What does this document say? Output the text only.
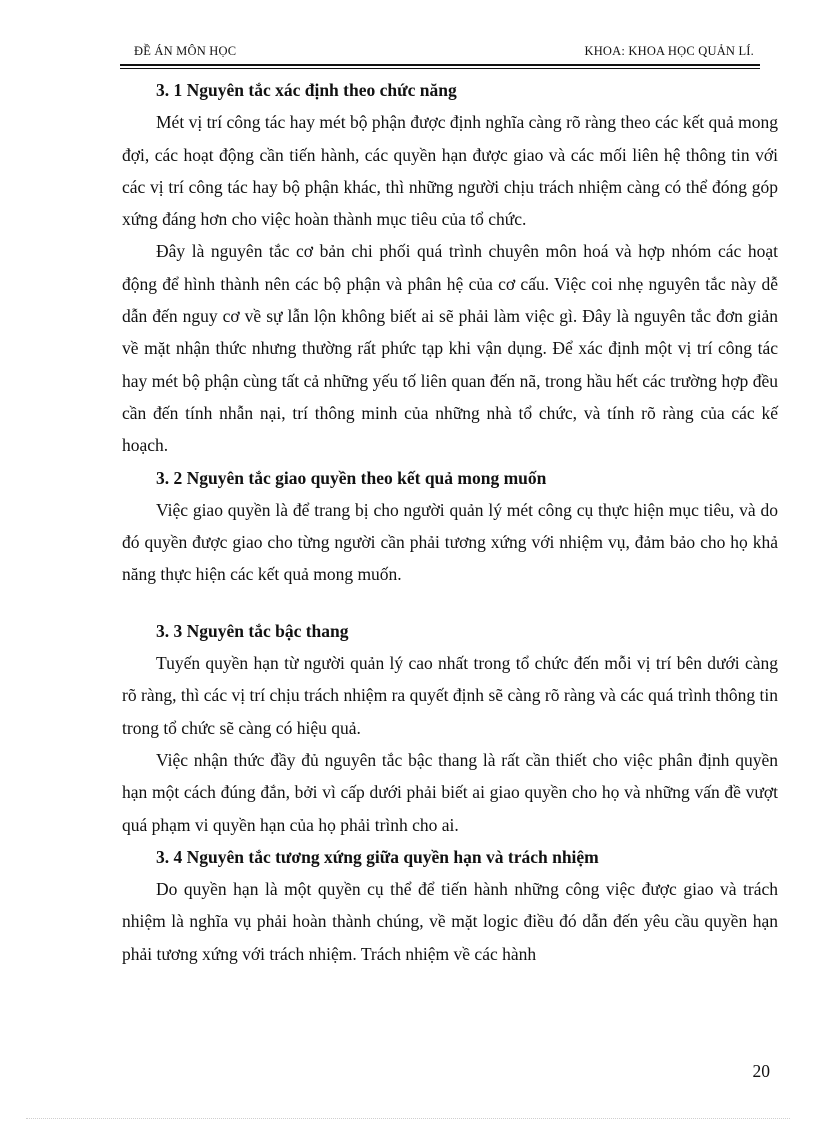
ĐỀ ÁN MÔN HỌC	KHOA: KHOA HỌC QUẢN LÍ.

3. 1 Nguyên tắc xác định theo chức năng

Mét vị trí công tác hay mét bộ phận được định nghĩa càng rõ ràng theo các kết quả mong đợi, các hoạt động cần tiến hành, các quyền hạn được giao và các mối liên hệ thông tin với các vị trí công tác hay bộ phận khác, thì những người chịu trách nhiệm càng có thể đóng góp xứng đáng hơn cho việc hoàn thành mục tiêu của tổ chức.

Đây là nguyên tắc cơ bản chi phối quá trình chuyên môn hoá và hợp nhóm các hoạt động để hình thành nên các bộ phận và phân hệ của cơ cấu. Việc coi nhẹ nguyên tắc này dễ dẫn đến nguy cơ về sự lẫn lộn không biết ai sẽ phải làm việc gì. Đây là nguyên tắc đơn giản về mặt nhận thức nhưng thường rất phức tạp khi vận dụng. Để xác định một vị trí công tác hay mét bộ phận cùng tất cả những yếu tố liên quan đến nã, trong hầu hết các trường hợp đều cần đến tính nhẫn nại, trí thông minh của những nhà tổ chức, và tính rõ ràng của các kế hoạch.

3. 2 Nguyên tắc giao quyền theo kết quả mong muốn

Việc giao quyền là để trang bị cho người quản lý mét công cụ thực hiện mục tiêu, và do đó quyền được giao cho từng người cần phải tương xứng với nhiệm vụ, đảm bảo cho họ khả năng thực hiện các kết quả mong muốn.

3. 3 Nguyên tắc bậc thang

Tuyến quyền hạn từ người quản lý cao nhất trong tổ chức đến mỗi vị trí bên dưới càng rõ ràng, thì các vị trí chịu trách nhiệm ra quyết định sẽ càng rõ ràng và các quá trình thông tin trong tổ chức sẽ càng có hiệu quả.

Việc nhận thức đầy đủ nguyên tắc bậc thang là rất cần thiết cho việc phân định quyền hạn một cách đúng đắn, bởi vì cấp dưới phải biết ai giao quyền cho họ và những vấn đề vượt quá phạm vi quyền hạn của họ phải trình cho ai.

3. 4 Nguyên tắc tương xứng giữa quyền hạn và trách nhiệm

Do quyền hạn là một quyền cụ thể để tiến hành những công việc được giao và trách nhiệm là nghĩa vụ phải hoàn thành chúng, về mặt logic điều đó dẫn đến yêu cầu quyền hạn phải tương xứng với trách nhiệm. Trách nhiệm về các hành

20
